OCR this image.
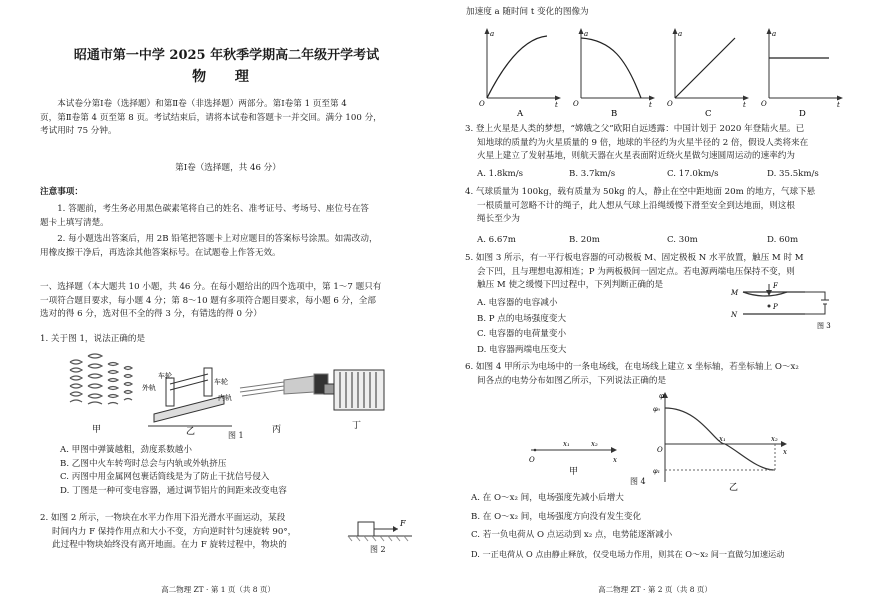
昭通市第一中学 2025 年秋季学期高二年级开学考试

物 理

本试卷分第Ⅰ卷（选择题）和第Ⅱ卷（非选择题）两部分。第Ⅰ卷第 1 页至第 4

页，第Ⅱ卷第 4 页至第 8 页。考试结束后，请将本试卷和答题卡一并交回。满分 100 分，

考试用时 75 分钟。

第Ⅰ卷（选择题，共 46 分）

注意事项：

1. 答题前，考生务必用黑色碳素笔将自己的姓名、准考证号、考场号、座位号在答

题卡上填写清楚。

2. 每小题选出答案后，用 2B 铅笔把答题卡上对应题目的答案标号涂黑。如需改动，

用橡皮擦干净后，再选涂其他答案标号。在试题卷上作答无效。

一、选择题（本大题共 10 小题，共 46 分。在每小题给出的四个选项中，第 1～7 题只有

一项符合题目要求，每小题 4 分；第 8～10 题有多项符合题目要求，每小题 6 分，全部

选对的得 6 分，选对但不全的得 3 分，有错选的得 0 分）

1. 关于图 1，说法正确的是

甲
车轮
外轨
车轮
内轨
乙	丙	丁

图 1

A. 甲图中弹簧越粗，劲度系数越小

B. 乙图中火车转弯时总会与内轨或外轨挤压

C. 丙图中用金属网包裹话筒线是为了防止干扰信号侵入

D. 丁图是一种可变电容器，通过调节铝片的间距来改变电容

2. 如图 2 所示，一物块在水平力作用下沿光滑水平面运动，某段

时间内力 F 保持作用点和大小不变，方向逆时针匀速旋转 90°，

此过程中物块始终没有离开地面。在力 F 旋转过程中，物块的

F

图 2

高二物理 ZT · 第 1 页（共 8 页）

加速度 a 随时间 t 变化的图像为

a
t
O
A
a
t
O
B
a
t
O
C
a
t
O
D

3. 登上火星是人类的梦想，“嫦娥之父”欧阳自远透露：中国计划于 2020 年登陆火星。已

知地球的质量约为火星质量的 9 倍，地球的半径约为火星半径的 2 倍，假设人类将来在

火星上建立了发射基地，则航天器在火星表面附近绕火星做匀速圆周运动的速率约为

A. 1.8km/s	B. 3.7km/s	C. 17.0km/s	D. 35.5km/s

4. 气球质量为 100kg，载有质量为 50kg 的人，静止在空中距地面 20m 的地方，气球下悬

一根质量可忽略不计的绳子，此人想从气球上沿绳缓慢下滑至安全到达地面，则这根

绳长至少为

A. 6.67m	B. 20m	C. 30m	D. 60m

5. 如图 3 所示，有一平行板电容器的可动极板 M、固定极板 N 水平放置，触压 M 时 M

会下凹，且与理想电源相连；P 为两板极间一固定点。若电源两端电压保持不变，则

触压 M 使之缓慢下凹过程中，下列判断正确的是

A. 电容器的电容减小

B. P 点的电场强度变大

C. 电容器的电荷量变小

D. 电容器两端电压变大

M
F
P
N
图 3

6. 如图 4 甲所示为电场中的一条电场线，在电场线上建立 x 坐标轴，若坐标轴上 O～x₂

间各点的电势分布如图乙所示，下列说法正确的是

O
x₁	x₂
x
甲
φ
φ₀
φ₁
O
x₁	x₂
x
乙

图 4

A. 在 O～x₂ 间，电场强度先减小后增大

B. 在 O～x₂ 间，电场强度方向没有发生变化

C. 若一负电荷从 O 点运动到 x₂ 点，电势能逐渐减小

D. 一正电荷从 O 点由静止释放，仅受电场力作用，则其在 O～x₂ 间一直做匀加速运动

高二物理 ZT · 第 2 页（共 8 页）
